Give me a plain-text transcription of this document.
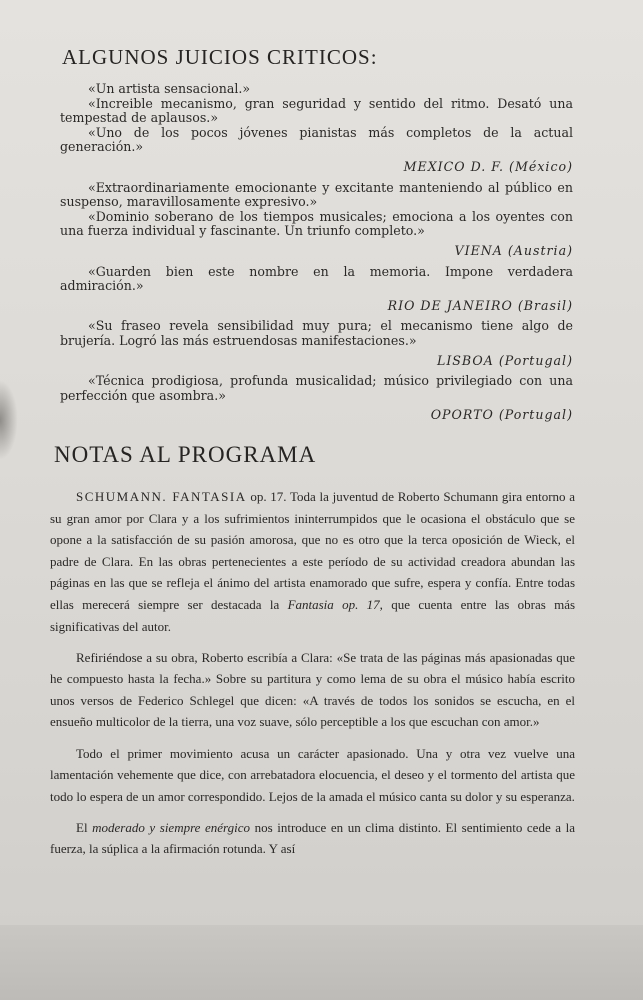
ALGUNOS JUICIOS CRITICOS:

«Un artista sensacional.»

«Increible mecanismo, gran seguridad y sentido del ritmo. Desató una tempestad de aplausos.»

«Uno de los pocos jóvenes pianistas más completos de la actual generación.»

MEXICO D. F. (México)

«Extraordinariamente emocionante y excitante manteniendo al público en suspenso, maravillosamente expresivo.»

«Dominio soberano de los tiempos musicales; emociona a los oyentes con una fuerza individual y fascinante. Un triunfo completo.»

VIENA (Austria)

«Guarden bien este nombre en la memoria. Impone verdadera admiración.»

RIO DE JANEIRO (Brasil)

«Su fraseo revela sensibilidad muy pura; el mecanismo tiene algo de brujería. Logró las más estruendosas manifestaciones.»

LISBOA (Portugal)

«Técnica prodigiosa, profunda musicalidad; músico privilegiado con una perfección que asombra.»

OPORTO (Portugal)

NOTAS AL PROGRAMA

SCHUMANN. FANTASIA op. 17. Toda la juventud de Roberto Schumann gira entorno a su gran amor por Clara y a los sufrimientos ininterrumpidos que le ocasiona el obstáculo que se opone a la satisfacción de su pasión amorosa, que no es otro que la terca oposición de Wieck, el padre de Clara. En las obras pertenecientes a este período de su actividad creadora abundan las páginas en las que se refleja el ánimo del artista enamorado que sufre, espera y confía. Entre todas ellas merecerá siempre ser destacada la Fantasia op. 17, que cuenta entre las obras más significativas del autor.

Refiriéndose a su obra, Roberto escribía a Clara: «Se trata de las páginas más apasionadas que he compuesto hasta la fecha.» Sobre su partitura y como lema de su obra el músico había escrito unos versos de Federico Schlegel que dicen: «A través de todos los sonidos se escucha, en el ensueño multicolor de la tierra, una voz suave, sólo perceptible a los que escuchan con amor.»

Todo el primer movimiento acusa un carácter apasionado. Una y otra vez vuelve una lamentación vehemente que dice, con arrebatadora elocuencia, el deseo y el tormento del artista que todo lo espera de un amor correspondido. Lejos de la amada el músico canta su dolor y su esperanza.

El moderado y siempre enérgico nos introduce en un clima distinto. El sentimiento cede a la fuerza, la súplica a la afirmación rotunda. Y así
